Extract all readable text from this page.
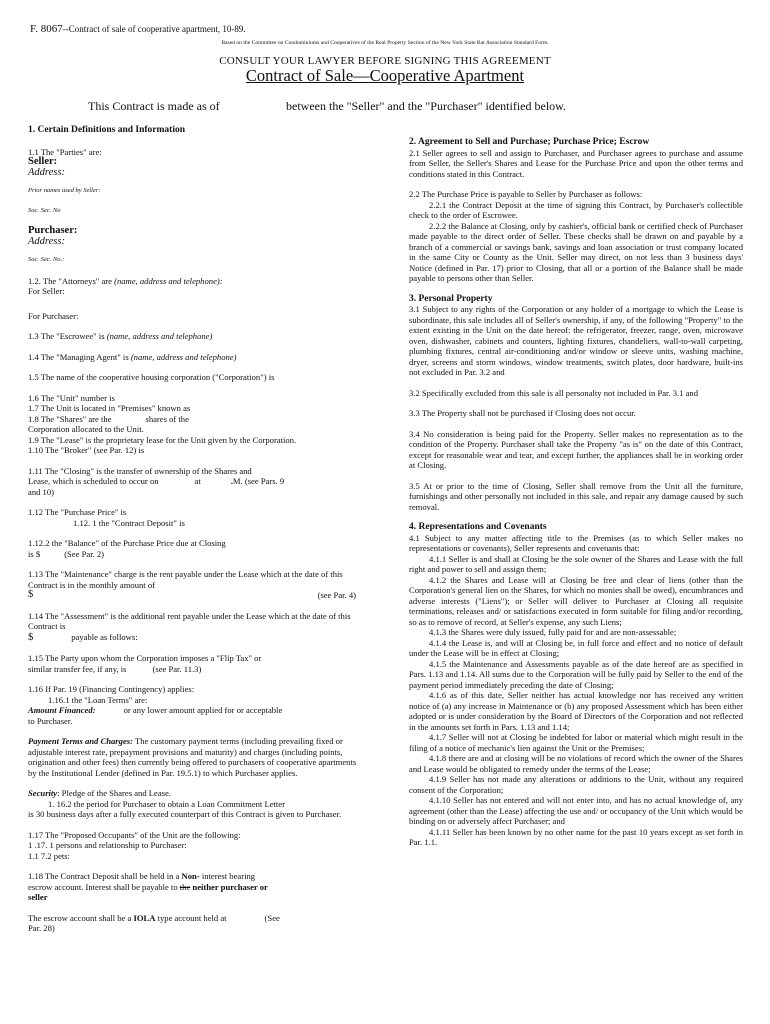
F. 8067--Contract of sale of cooperative apartment, 10-89.
Based on the Committee on Condominiums and Cooperatives of the Real Property Section of the New York State Bar Association Standard Form.
CONSULT YOUR LAWYER BEFORE SIGNING THIS AGREEMENT
Contract of Sale—Cooperative Apartment
This Contract is made as of	between the "Seller" and the "Purchaser" identified below.

1. Certain Definitions and Information

1.1 The "Parties" are:

Seller:

Address:

Prior names used by Seller:

Soc. Sec. No

Purchaser:

Address:

Soc. Sec. No.:

1.2. The "Attorneys" are (name, address and telephone):

For Seller:

For Purchaser:

1.3 The "Escrowee" is (name, address and telephone)

1.4 The "Managing Agent" is (name, address and telephone)

1.5 The name of the cooperative housing corporation ("Corporation") is

1.6 The "Unit" number is

1.7 The Unit is located in "Premises" known as

1.8 The "Shares" are the	shares of the

Corporation allocated to the Unit.

1.9 The "Lease" is the proprietary lease for the Unit given by the Corporation.

1.10 The "Broker" (see Par. 12) is

1.11 The "Closing" is the transfer of ownership of the Shares and

Lease, which is scheduled to occur on	at	.M. (see Pars. 9

and 10)

1.12 The "Purchase Price" is

1.12. 1 the "Contract Deposit" is

1.12.2 the "Balance" of the Purchase Price due at Closing

is $	(See Par. 2)

1.13 The "Maintenance" charge is the rent payable under the Lease which at the date of this Contract is in the monthly amount of

$	(see Par. 4)

1.14 The "Assessment" is the additional rent payable under the Lease which at the date of this Contract is

$	payable as follows:

1.15 The Party upon whom the Corporation imposes a "Flip Tax" or

similar transfer fee, if any, is	(see Par. 11.3)

1.16 If Par. 19 (Financing Contingency) applies:

1.16.1 the "Loan Terms" are:

Amount Financed:	or any lower amount applied for or acceptable

to Purchaser.

Payment Terms and Charges: The customary payment terms (including prevailing fixed or adjustable interest rate, prepayment provisions and maturity) and charges (including points, origination and other fees) then currently being offered to purchasers of cooperative apartments by the Institutional Lender (defined in Par. 19.5.1) to which Purchaser applies.

Security: Pledge of the Shares and Lease.

1. 16.2 the period for Purchaser to obtain a Loan Commitment Letter

is 30 business days after a fully executed counterpart of this Contract is given to Purchaser.

1.17 The "Proposed Occupants" of the Unit are the following:

1 .17. 1 persons and relationship to Purchaser:

1.1 7.2 pets:

1.18 The Contract Deposit shall be held in a Non- interest bearing

escrow account. Interest shall be payable to the neither purchaser or

seller

The escrow account shall be a IOLA type account held at	(See

Par. 28)

2. Agreement to Sell and Purchase; Purchase Price; Escrow

2.1 Seller agrees to sell and assign to Purchaser, and Purchaser agrees to purchase and assume from Seller, the Seller's Shares and Lease for the Purchase Price and upon the other terms and conditions stated in this Contract.

2.2 The Purchase Price is payable to Seller by Purchaser as follows:

2.2.1 the Contract Deposit at the time of signing this Contract, by Purchaser's collectible check to the order of Escrowee.

2.2.2 the Balance at Closing, only by cashier's, official bank or certified check of Purchaser made payable to the direct order of Seller. These checks shall be drawn on and payable by a branch of a commercial or savings bank, savings and loan association or trust company located in the same City or County as the Unit. Seller may direct, on not less than 3 business days' Notice (defined in Par. 17) prior to Closing, that all or a portion of the Balance shall be made payable to persons other than Seller.

3. Personal Property

3.1 Subject to any rights of the Corporation or any holder of a mortgage to which the Lease is subordinate, this sale includes all of Seller's ownership, if any, of the following "Property" to the extent existing in the Unit on the date hereof: the refrigerator, freezer, range, oven, microwave oven, dishwasher, cabinets and counters, lighting fixtures, chandeliers, wall-to-wall carpeting, plumbing fixtures, central air-conditioning and/or window or sleeve units, washing machine, dryer, screens and storm windows, window treatments, switch plates, door hardware, built-ins not excluded in Par. 3.2 and

3.2 Specifically excluded from this sale is all personalty not included in Par. 3.1 and

3.3 The Property shall not be purchased if Closing does not occur.

3.4 No consideration is being paid for the Property. Seller makes no representation as to the condition of the Property. Purchaser shall take the Property "as is" on the date of this Contract, except for reasonable wear and tear, and except further, the appliances shall be in working order at Closing.

3.5 At or prior to the time of Closing, Seller shall remove from the Unit all the furniture, furnishings and other personally not included in this sale, and repair any damage caused by such removal.

4. Representations and Covenants

4.1 Subject to any matter affecting title to the Premises (as to which Seller makes no representations or covenants), Seller represents and covenants that:

4.1.1 Seller is and shall at Closing be the sole owner of the Shares and Lease with the full right and power to sell and assign them;

4.1.2 the Shares and Lease will at Closing be free and clear of liens (other than the Corporation's general lien on the Shares, for which no monies shall be owed), encumbrances and adverse interests ("Liens"); or Seller will deliver to Purchaser at Closing all requisite terminations, releases and/ or satisfactions executed in form suitable for filing and/or recording, so as to remove of record, at Seller's expense, any such Liens;

4.1.3 the Shares were duly issued, fully paid for and are non-assessable;

4.1.4 the Lease is, and will at Closing be, in full force and effect and no notice of default under the Lease will be in effect at Closing;

4.1.5 the Maintenance and Assessments payable as of the date hereof are as specified in Pars. 1.13 and 1.14. All sums due to the Corporation will be fully paid by Seller to the end of the payment period immediately preceding the date of Closing;

4.1.6 as of this date, Seller neither has actual knowledge nor has received any written notice of (a) any increase in Maintenance or (b) any proposed Assessment which has been either adopted or is under consideration by the Board of Directors of the Corporation and not reflected in the amounts set forth in Pars. 1.13 and 1.14;

4.1.7 Seller will not at Closing be indebted for labor or material which might result in the filing of a notice of mechanic's lien against the Unit or the Premises;

4.1.8 there are and at closing will be no violations of record which the owner of the Shares and Lease would be obligated to remedy under the terms of the Lease;

4.1.9 Seller has not made any alterations or additions to the Unit, without any required consent of the Corporation;

4.1.10 Seller has not entered and will not enter into, and has no actual knowledge of, any agreement (other than the Lease) affecting the use and/ or occupancy of the Unit which would be binding on or adversely affect Purchaser; and

4.1.11 Seller has been known by no other name for the past 10 years except as set forth in Par. 1.1.
